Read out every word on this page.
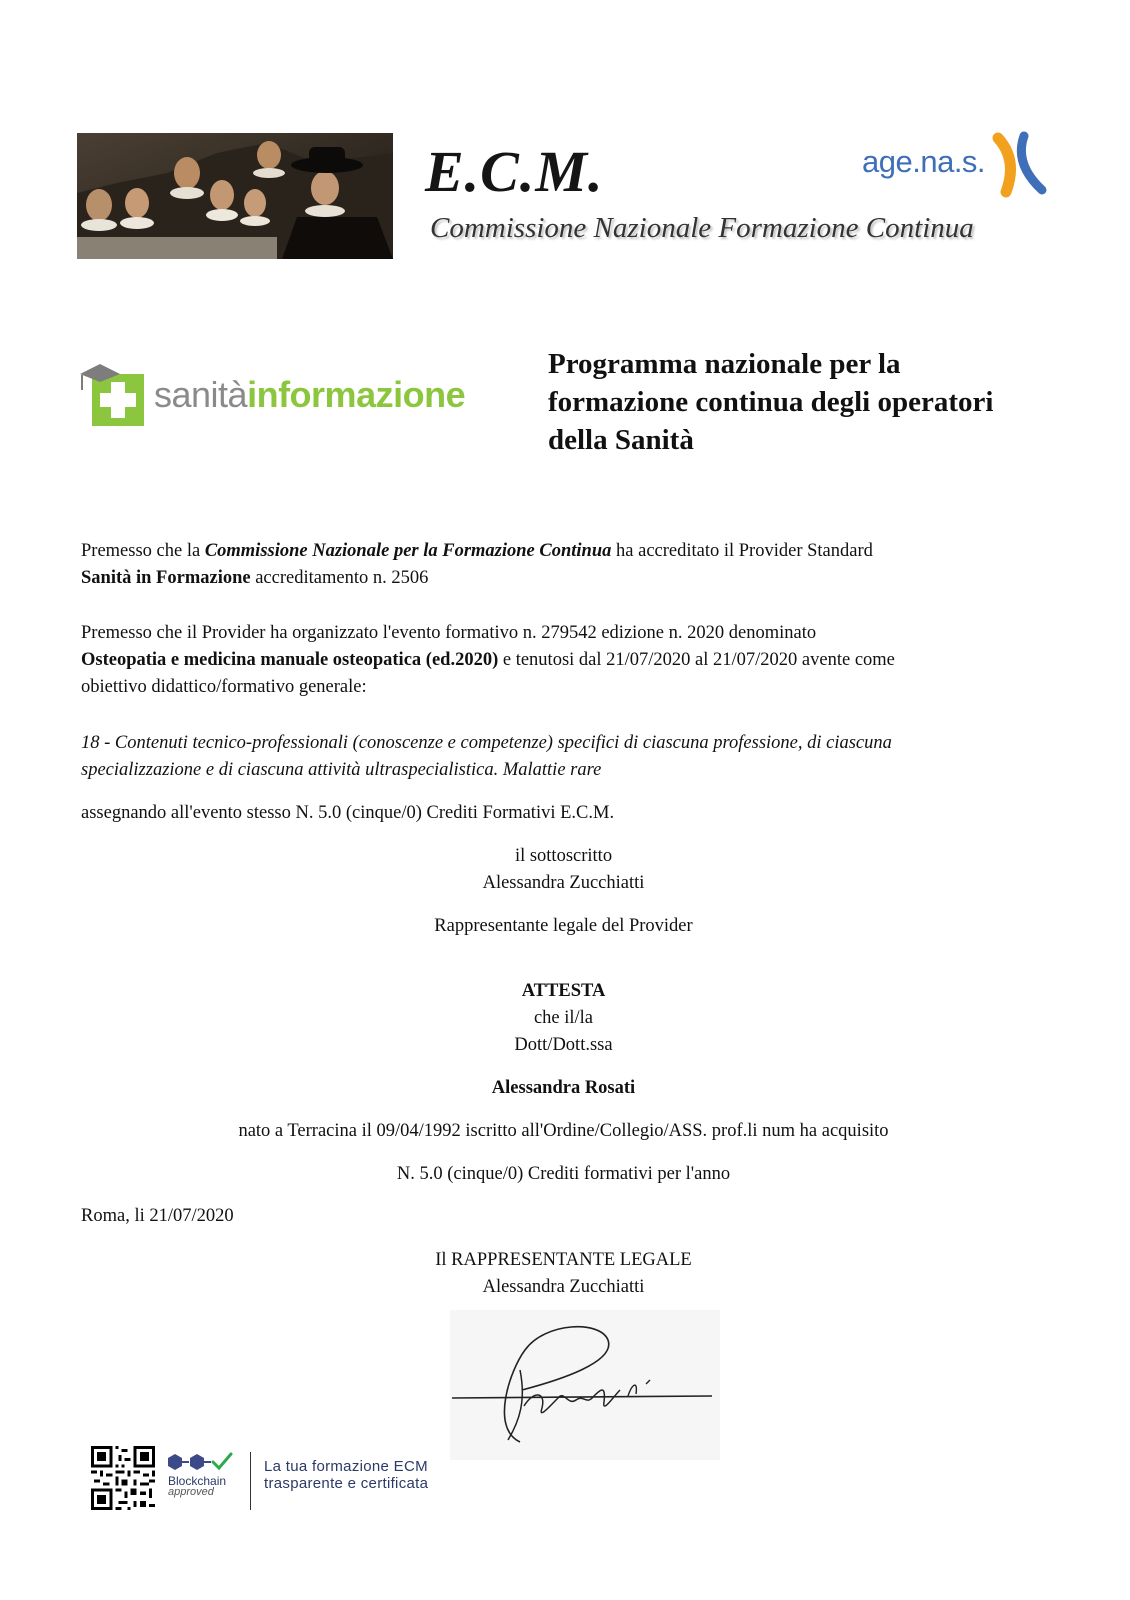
E.C.M.
Commissione Nazionale Formazione Continua
age.na.s.
sanitàinformazione
Programma nazionale per la
formazione continua degli operatori
della Sanità
Premesso che la Commissione Nazionale per la Formazione Continua ha accreditato il Provider Standard
Sanità in Formazione accreditamento n. 2506
Premesso che il Provider ha organizzato l'evento formativo n. 279542 edizione n. 2020 denominato
Osteopatia e medicina manuale osteopatica (ed.2020) e tenutosi dal 21/07/2020 al 21/07/2020 avente come
obiettivo didattico/formativo generale:
18 - Contenuti tecnico-professionali (conoscenze e competenze) specifici di ciascuna professione, di ciascuna
specializzazione e di ciascuna attività ultraspecialistica. Malattie rare
assegnando all'evento stesso N. 5.0 (cinque/0) Crediti Formativi E.C.M.
il sottoscritto
Alessandra Zucchiatti
Rappresentante legale del Provider
ATTESTA
che il/la
Dott/Dott.ssa
Alessandra Rosati
nato a Terracina il 09/04/1992 iscritto all'Ordine/Collegio/ASS. prof.li num ha acquisito
N. 5.0 (cinque/0) Crediti formativi per l'anno
Roma, li 21/07/2020
Il RAPPRESENTANTE LEGALE
Alessandra Zucchiatti
Blockchain
approved
La tua formazione ECM
trasparente e certificata
